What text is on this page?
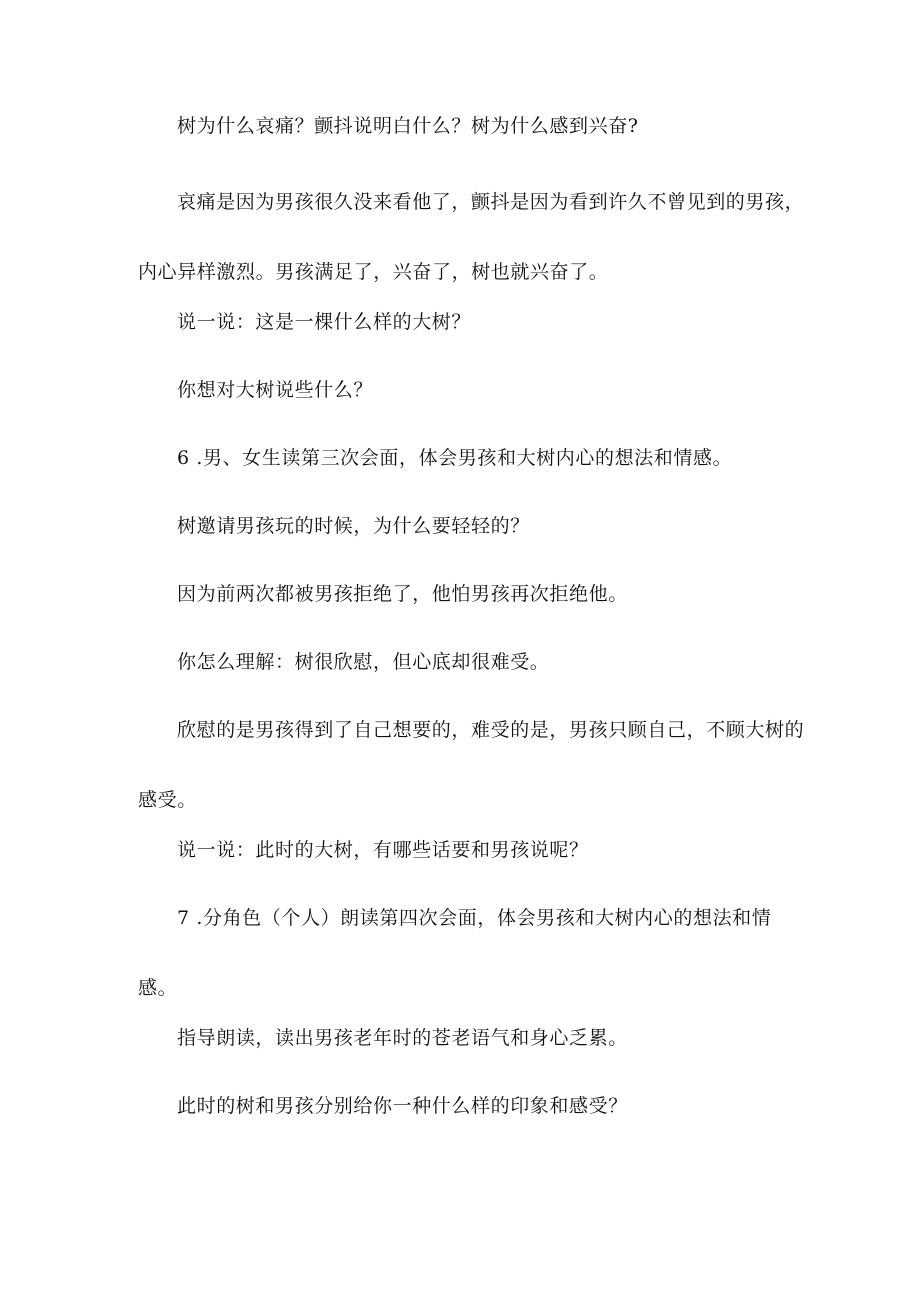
树为什么哀痛？颤抖说明白什么？树为什么感到兴奋?

哀痛是因为男孩很久没来看他了，颤抖是因为看到许久不曾见到的男孩，
内心异样激烈。男孩满足了，兴奋了，树也就兴奋了。

说一说：这是一棵什么样的大树？

你想对大树说些什么？

6 .男、女生读第三次会面，体会男孩和大树内心的想法和情感。

树邀请男孩玩的时候，为什么要轻轻的？

因为前两次都被男孩拒绝了，他怕男孩再次拒绝他。

你怎么理解：树很欣慰，但心底却很难受。

欣慰的是男孩得到了自己想要的，难受的是，男孩只顾自己，不顾大树的
感受。

说一说：此时的大树，有哪些话要和男孩说呢？

7 .分角色（个人）朗读第四次会面，体会男孩和大树内心的想法和情
感。

指导朗读，读出男孩老年时的苍老语气和身心乏累。

此时的树和男孩分别给你一种什么样的印象和感受？
